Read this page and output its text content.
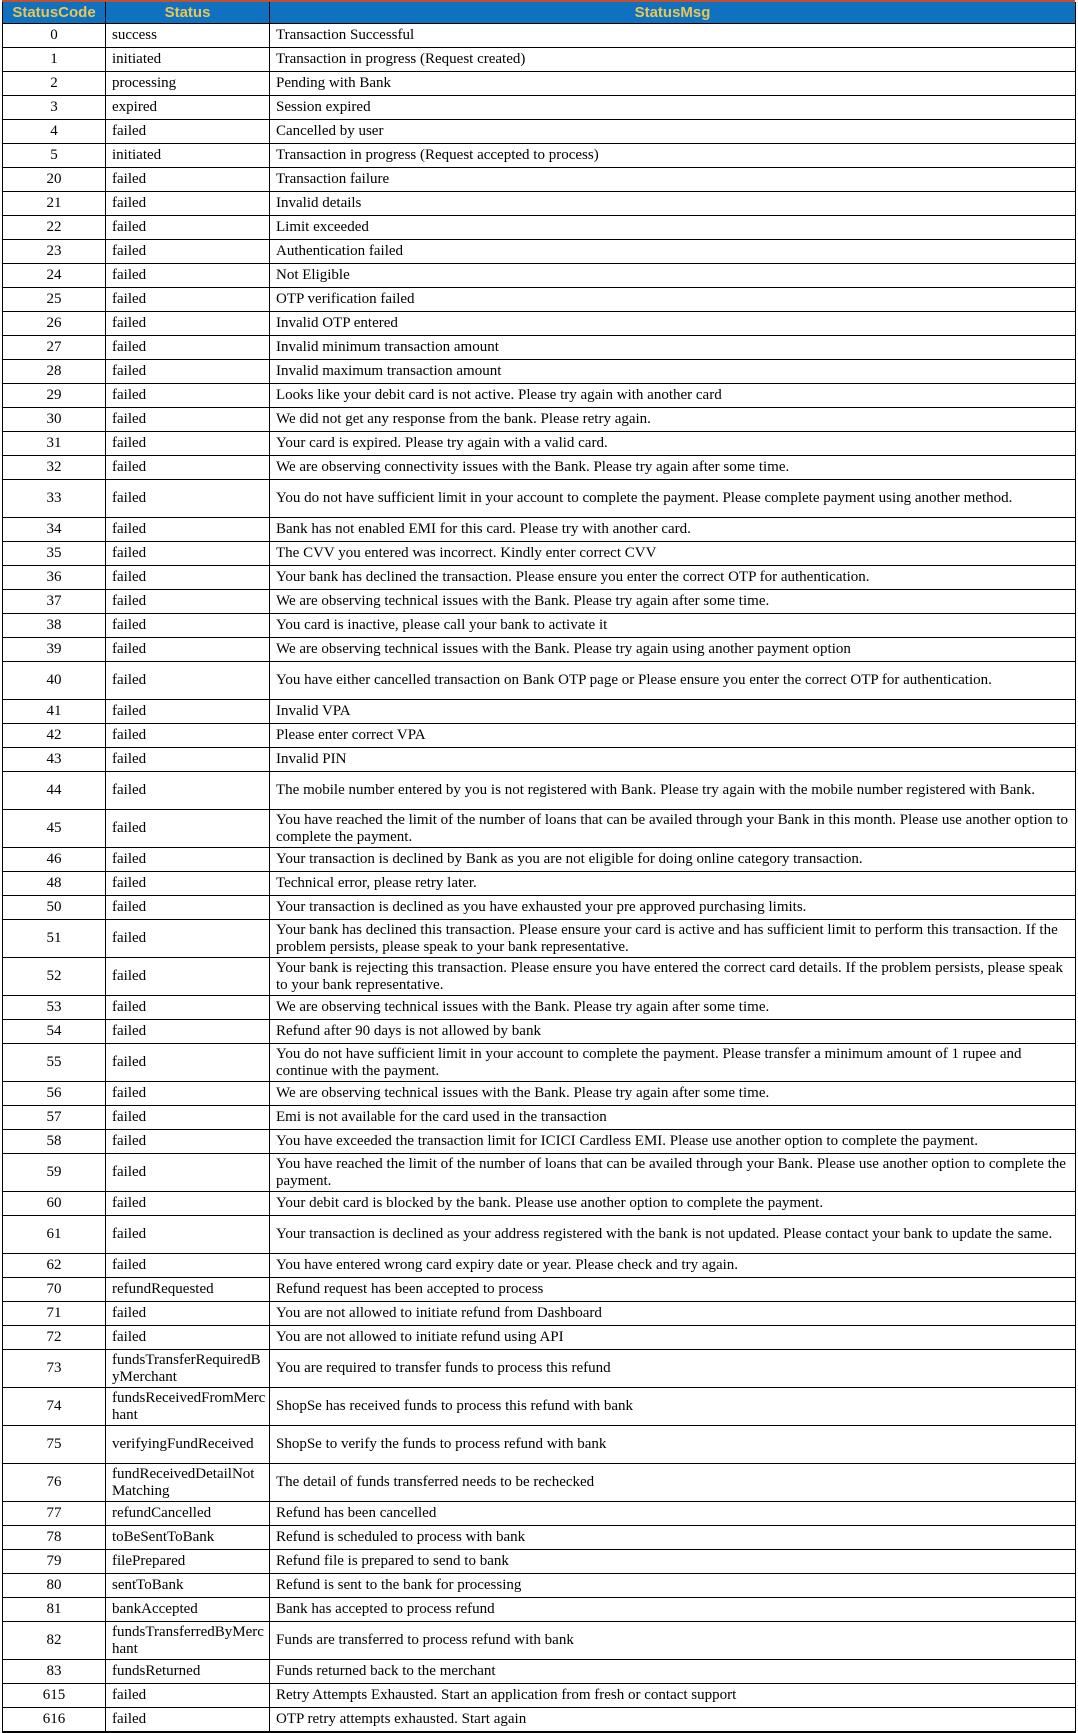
StatusCode	Status	StatusMsg
0	success	Transaction Successful
1	initiated	Transaction in progress (Request created)
2	processing	Pending with Bank
3	expired	Session expired
4	failed	Cancelled by user
5	initiated	Transaction in progress (Request accepted to process)
20	failed	Transaction failure
21	failed	Invalid details
22	failed	Limit exceeded
23	failed	Authentication failed
24	failed	Not Eligible
25	failed	OTP verification failed
26	failed	Invalid OTP entered
27	failed	Invalid minimum transaction amount
28	failed	Invalid maximum transaction amount
29	failed	Looks like your debit card is not active. Please try again with another card
30	failed	We did not get any response from the bank. Please retry again.
31	failed	Your card is expired. Please try again with a valid card.
32	failed	We are observing connectivity issues with the Bank. Please try again after some time.
33	failed	You do not have sufficient limit in your account to complete the payment. Please complete payment using another method.
34	failed	Bank has not enabled EMI for this card. Please try with another card.
35	failed	The CVV you entered was incorrect. Kindly enter correct CVV
36	failed	Your bank has declined the transaction. Please ensure you enter the correct OTP for authentication.
37	failed	We are observing technical issues with the Bank. Please try again after some time.
38	failed	You card is inactive, please call your bank to activate it
39	failed	We are observing technical issues with the Bank. Please try again using another payment option
40	failed	You have either cancelled transaction on Bank OTP page or Please ensure you enter the correct OTP for authentication.
41	failed	Invalid VPA
42	failed	Please enter correct VPA
43	failed	Invalid PIN
44	failed	The mobile number entered by you is not registered with Bank. Please try again with the mobile number registered with Bank.
45	failed	You have reached the limit of the number of loans that can be availed through your Bank in this month. Please use another option to complete the payment.
46	failed	Your transaction is declined by Bank as you are not eligible for doing online category transaction.
48	failed	Technical error, please retry later.
50	failed	Your transaction is declined as you have exhausted your pre approved purchasing limits.
51	failed	Your bank has declined this transaction. Please ensure your card is active and has sufficient limit to perform this transaction. If the problem persists, please speak to your bank representative.
52	failed	Your bank is rejecting this transaction. Please ensure you have entered the correct card details. If the problem persists, please speak to your bank representative.
53	failed	We are observing technical issues with the Bank. Please try again after some time.
54	failed	Refund after 90 days is not allowed by bank
55	failed	You do not have sufficient limit in your account to complete the payment. Please transfer a minimum amount of 1 rupee and continue with the payment.
56	failed	We are observing technical issues with the Bank. Please try again after some time.
57	failed	Emi is not available for the card used in the transaction
58	failed	You have exceeded the transaction limit for ICICI Cardless EMI. Please use another option to complete the payment.
59	failed	You have reached the limit of the number of loans that can be availed through your Bank. Please use another option to complete the payment.
60	failed	Your debit card is blocked by the bank. Please use another option to complete the payment.
61	failed	Your transaction is declined as your address registered with the bank is not updated. Please contact your bank to update the same.
62	failed	You have entered wrong card expiry date or year. Please check and try again.
70	refundRequested	Refund request has been accepted to process
71	failed	You are not allowed to initiate refund from Dashboard
72	failed	You are not allowed to initiate refund using API
73	fundsTransferRequiredByMerchant	You are required to transfer funds to process this refund
74	fundsReceivedFromMerchant	ShopSe has received funds to process this refund with bank
75	verifyingFundReceived	ShopSe to verify the funds to process refund with bank
76	fundReceivedDetailNotMatching	The detail of funds transferred needs to be rechecked
77	refundCancelled	Refund has been cancelled
78	toBeSentToBank	Refund is scheduled to process with bank
79	filePrepared	Refund file is prepared to send to bank
80	sentToBank	Refund is sent to the bank for processing
81	bankAccepted	Bank has accepted to process refund
82	fundsTransferredByMerchant	Funds are transferred to process refund with bank
83	fundsReturned	Funds returned back to the merchant
615	failed	Retry Attempts Exhausted. Start an application from fresh or contact support
616	failed	OTP retry attempts exhausted. Start again
